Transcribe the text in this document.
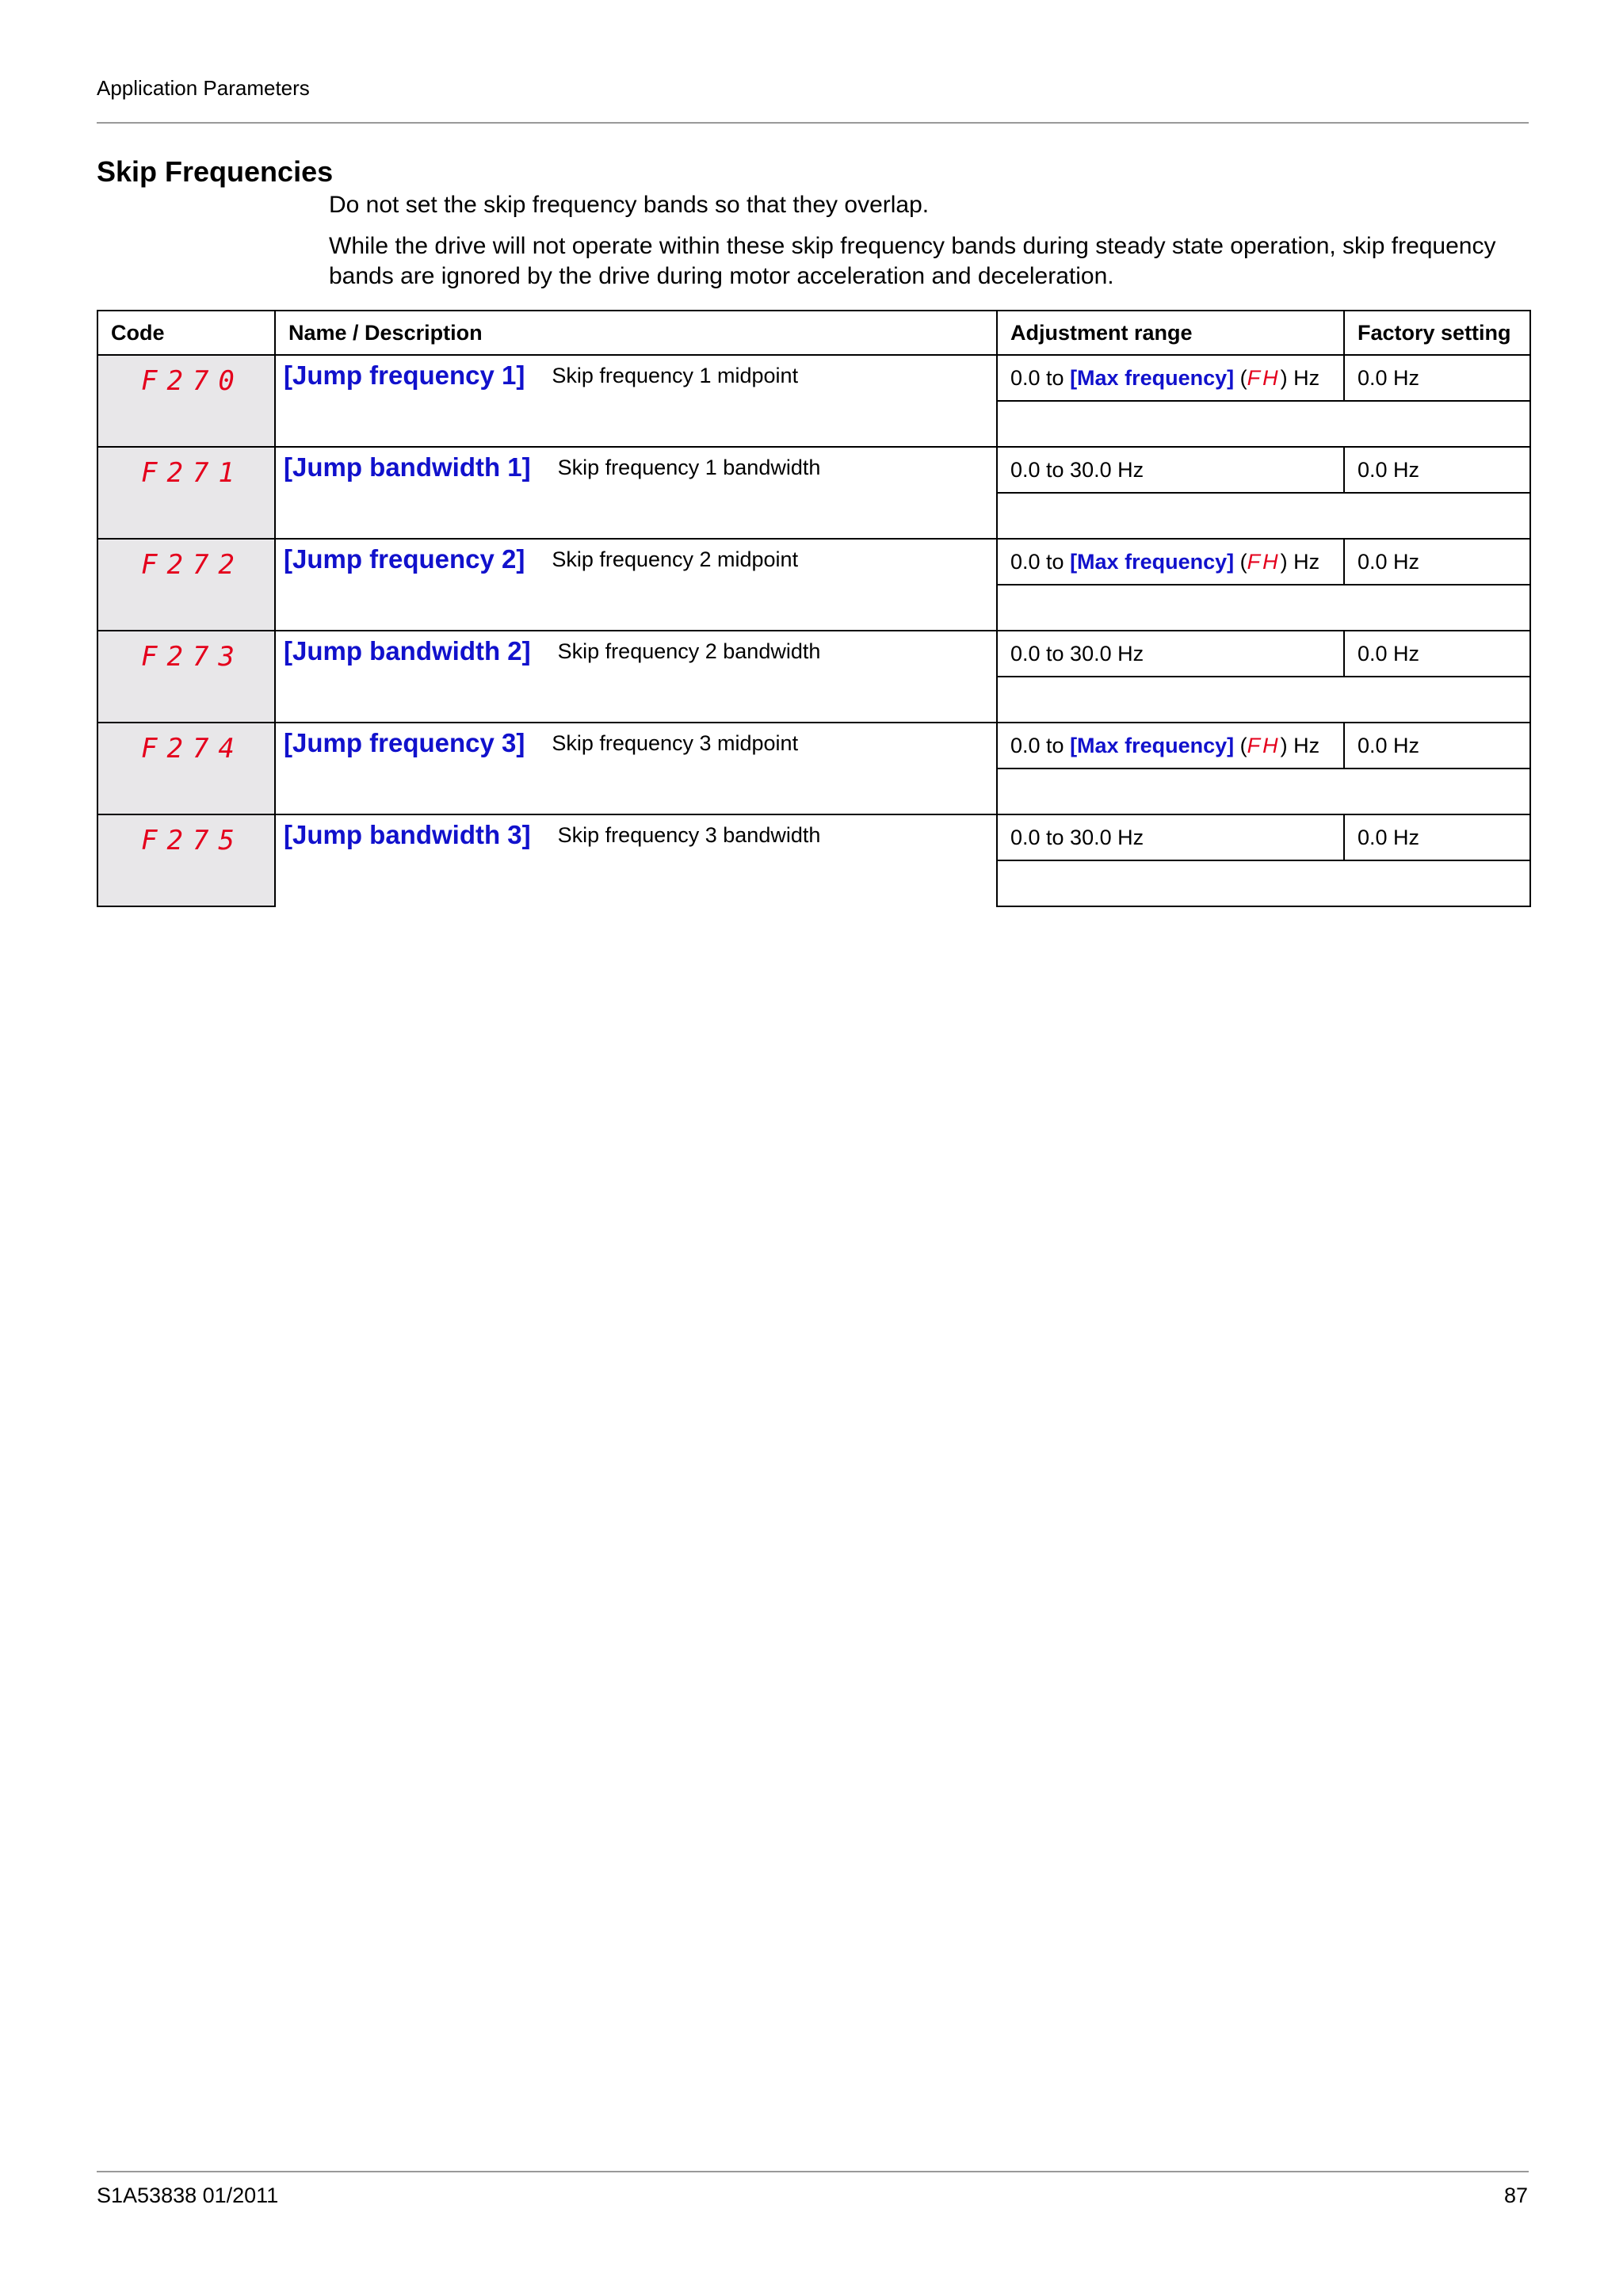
Application Parameters
Skip Frequencies

Do not set the skip frequency bands so that they overlap.

While the drive will not operate within these skip frequency bands during steady state operation, skip frequency bands are ignored by the drive during motor acceleration and deceleration.

Code	Name / Description	Adjustment range	Factory setting
F270	[Jump frequency 1] Skip frequency 1 midpoint	0.0 to [Max frequency] (FH) Hz	0.0 Hz

F271	[Jump bandwidth 1] Skip frequency 1 bandwidth	0.0 to 30.0 Hz	0.0 Hz

F272	[Jump frequency 2] Skip frequency 2 midpoint	0.0 to [Max frequency] (FH) Hz	0.0 Hz

F273	[Jump bandwidth 2] Skip frequency 2 bandwidth	0.0 to 30.0 Hz	0.0 Hz

F274	[Jump frequency 3] Skip frequency 3 midpoint	0.0 to [Max frequency] (FH) Hz	0.0 Hz

F275	[Jump bandwidth 3] Skip frequency 3 bandwidth	0.0 to 30.0 Hz	0.0 Hz

S1A53838 01/2011	87
